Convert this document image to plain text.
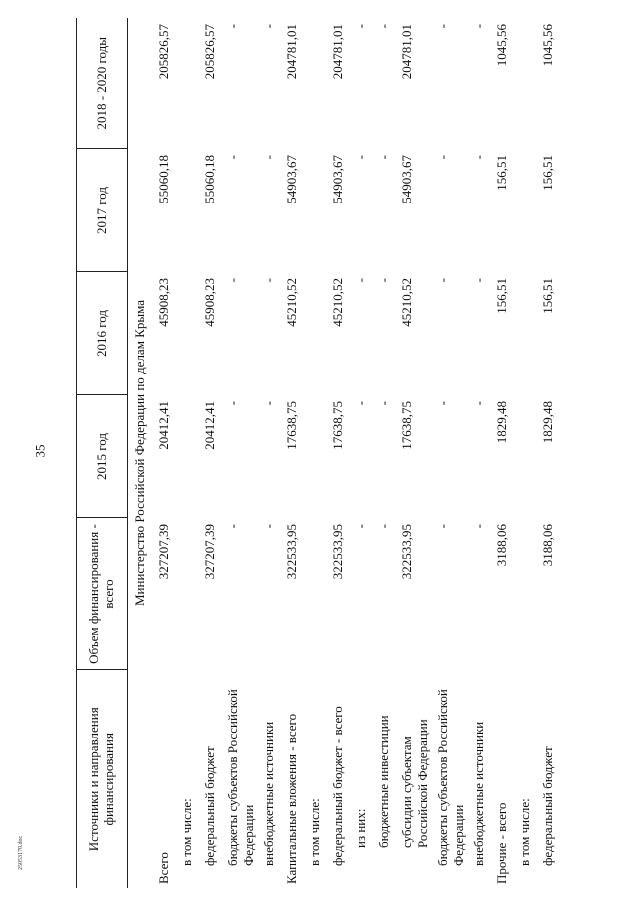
35
25053170.doc
Источники и направления финансирования	Объем финансирования - всего	2015 год	2016 год	2017 год	2018 - 2020 годы
Министерство Российской Федерации по делам Крыма					
Всего	327207,39	20412,41	45908,23	55060,18	205826,57
в том числе:					
федеральный бюджет	327207,39	20412,41	45908,23	55060,18	205826,57
бюджеты субъектов Российской Федерации	-	-	-	-	-
внебюджетные источники	-	-	-	-	-
Капитальные вложения - всего	322533,95	17638,75	45210,52	54903,67	204781,01
в том числе:					
федеральный бюджет - всего	322533,95	17638,75	45210,52	54903,67	204781,01
из них:	-	-	-	-	-
бюджетные инвестиции	-	-	-	-	-
субсидии субъектам Российской Федерации	322533,95	17638,75	45210,52	54903,67	204781,01
бюджеты субъектов Российской Федерации	-	-	-	-	-
внебюджетные источники	-	-	-	-	-
Прочие - всего	3188,06	1829,48	156,51	156,51	1045,56
в том числе:					
федеральный бюджет	3188,06	1829,48	156,51	156,51	1045,56
